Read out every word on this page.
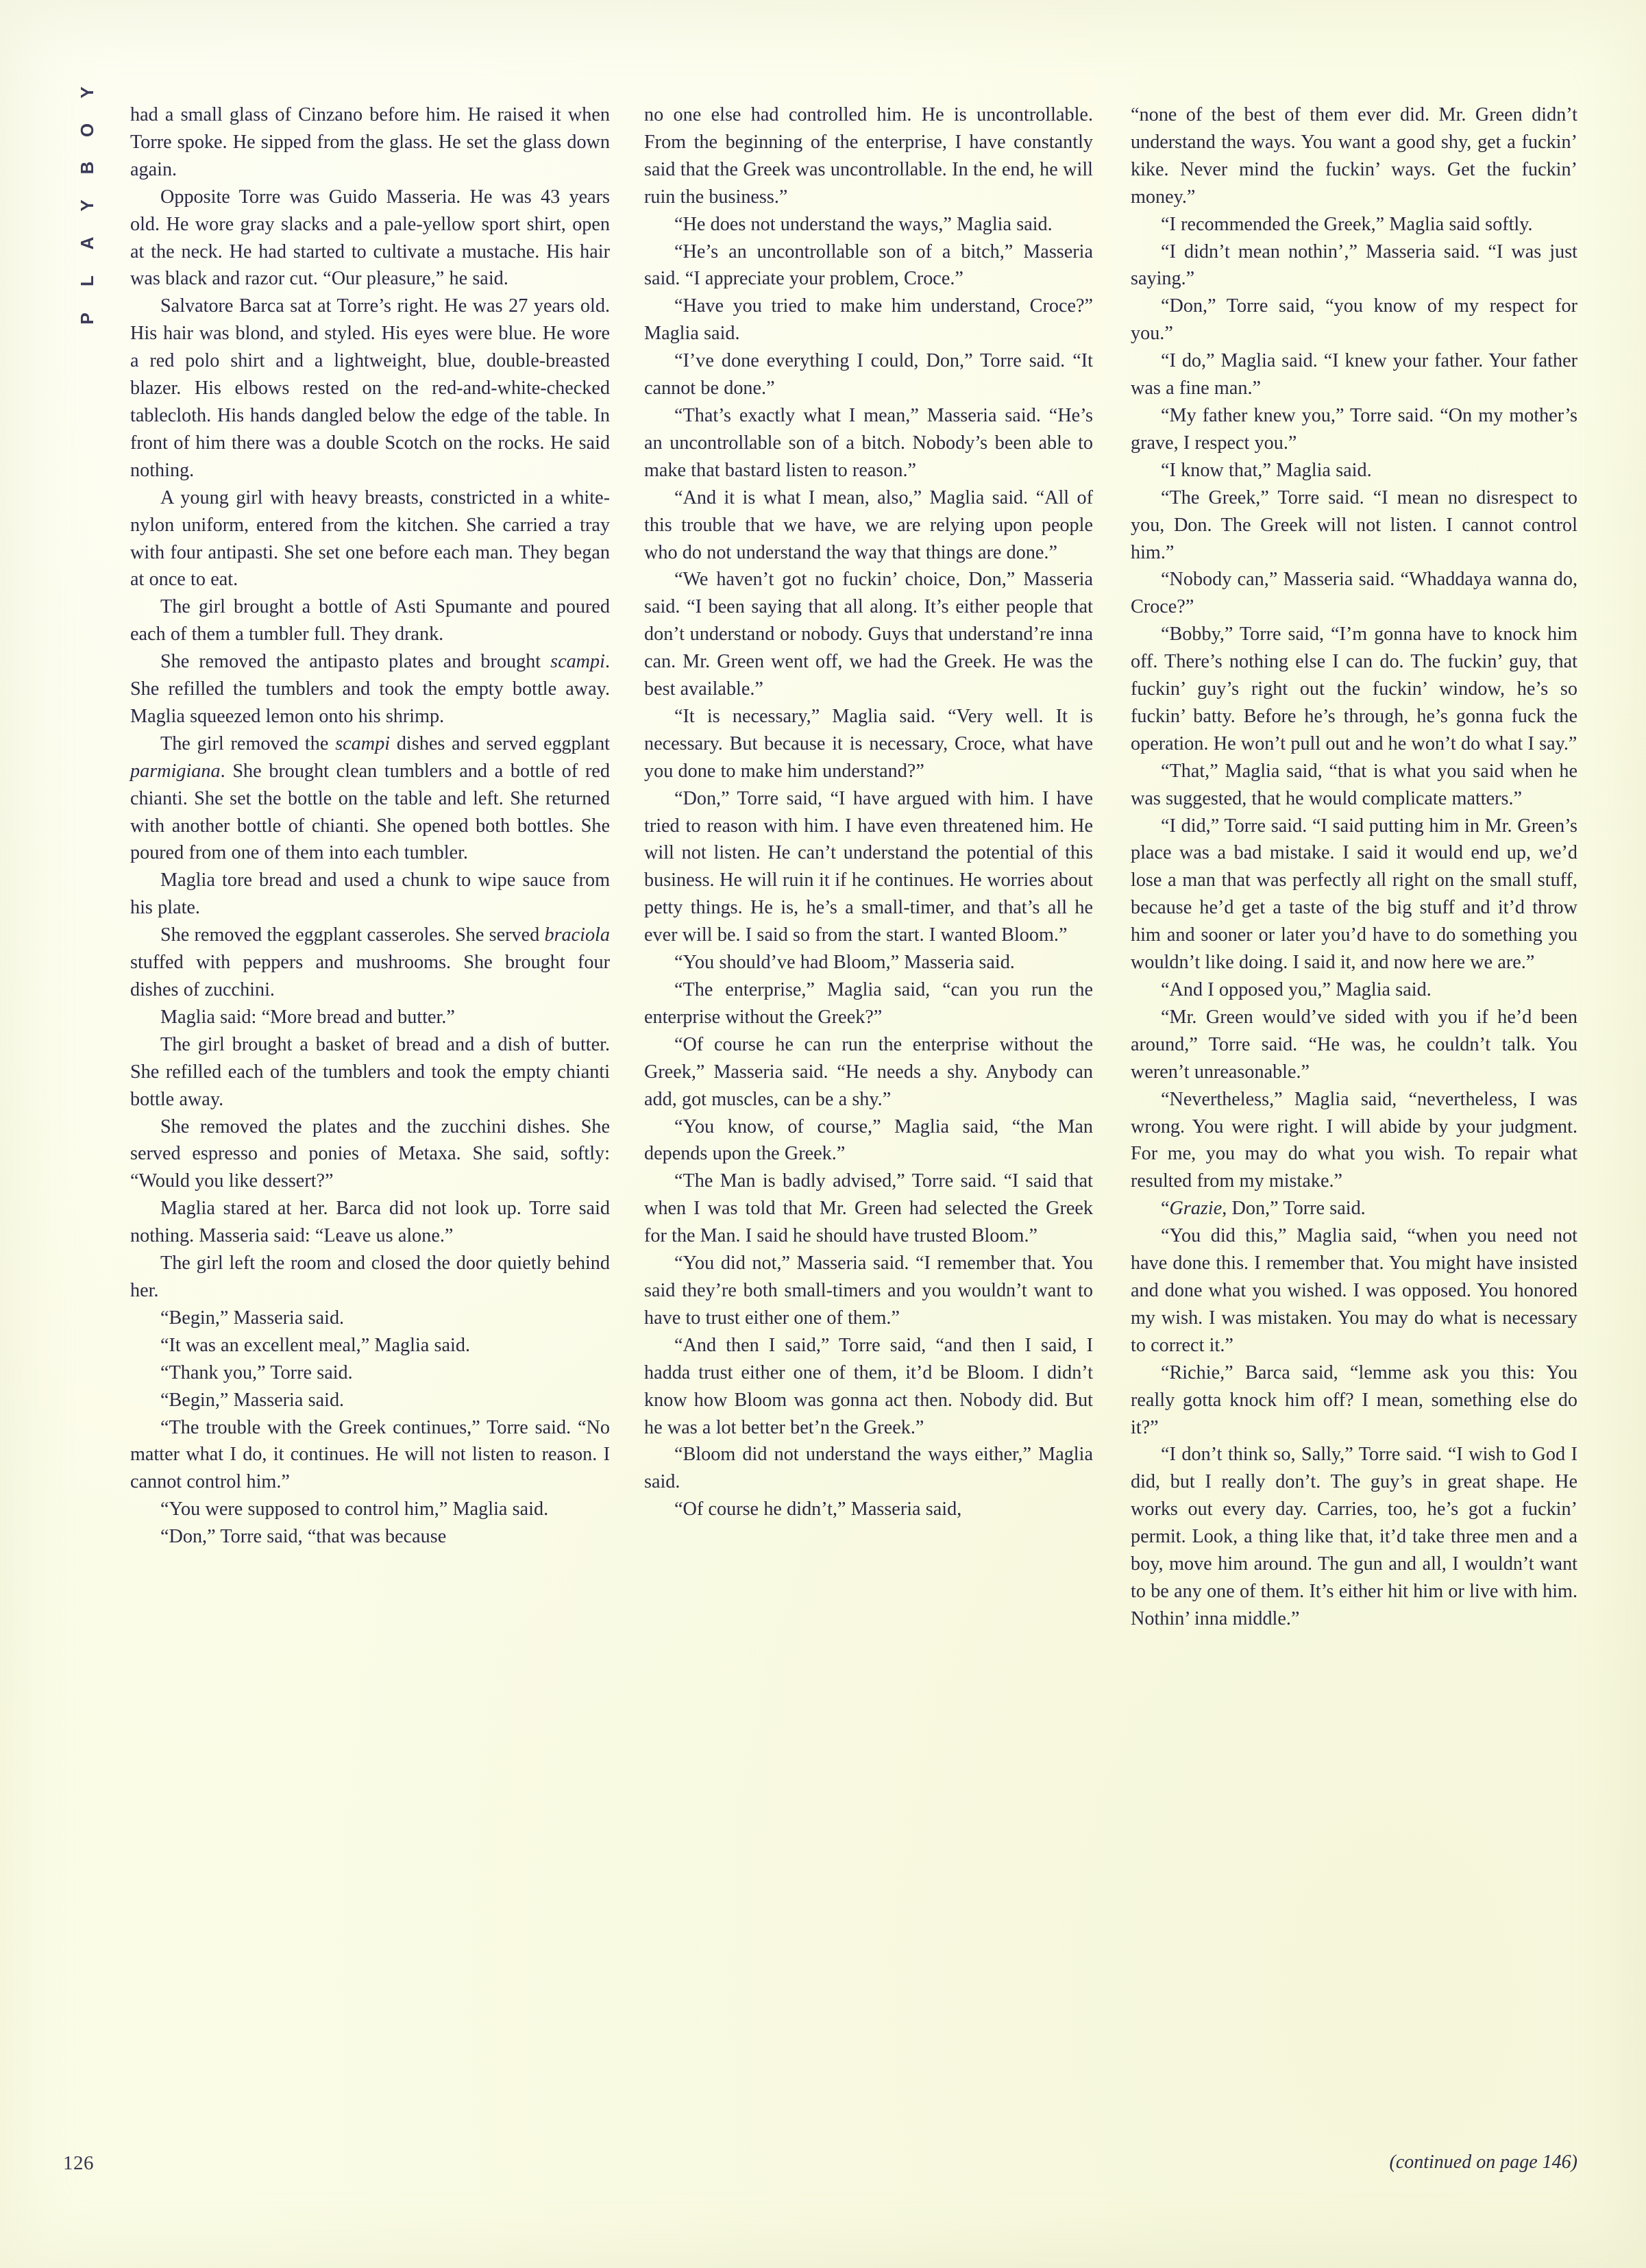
Y
O
B
Y
A
L
P
126

had a small glass of Cinzano before him. He raised it when Torre spoke. He sipped from the glass. He set the glass down again.

Opposite Torre was Guido Masseria. He was 43 years old. He wore gray slacks and a pale-yellow sport shirt, open at the neck. He had started to cultivate a mustache. His hair was black and razor cut. “Our pleasure,” he said.

Salvatore Barca sat at Torre’s right. He was 27 years old. His hair was blond, and styled. His eyes were blue. He wore a red polo shirt and a lightweight, blue, double-breasted blazer. His elbows rested on the red-and-white-checked tablecloth. His hands dangled below the edge of the table. In front of him there was a double Scotch on the rocks. He said nothing.

A young girl with heavy breasts, constricted in a white-nylon uniform, entered from the kitchen. She carried a tray with four antipasti. She set one before each man. They began at once to eat.

The girl brought a bottle of Asti Spumante and poured each of them a tumbler full. They drank.

She removed the antipasto plates and brought scampi. She refilled the tumblers and took the empty bottle away. Maglia squeezed lemon onto his shrimp.

The girl removed the scampi dishes and served eggplant parmigiana. She brought clean tumblers and a bottle of red chianti. She set the bottle on the table and left. She returned with another bottle of chianti. She opened both bottles. She poured from one of them into each tumbler.

Maglia tore bread and used a chunk to wipe sauce from his plate.

She removed the eggplant casseroles. She served braciola stuffed with peppers and mushrooms. She brought four dishes of zucchini.

Maglia said: “More bread and butter.”

The girl brought a basket of bread and a dish of butter. She refilled each of the tumblers and took the empty chianti bottle away.

She removed the plates and the zucchini dishes. She served espresso and ponies of Metaxa. She said, softly: “Would you like dessert?”

Maglia stared at her. Barca did not look up. Torre said nothing. Masseria said: “Leave us alone.”

The girl left the room and closed the door quietly behind her.

“Begin,” Masseria said.

“It was an excellent meal,” Maglia said.

“Thank you,” Torre said.

“Begin,” Masseria said.

“The trouble with the Greek continues,” Torre said. “No matter what I do, it continues. He will not listen to reason. I cannot control him.”

“You were supposed to control him,” Maglia said.

“Don,” Torre said, “that was because

no one else had controlled him. He is uncontrollable. From the beginning of the enterprise, I have constantly said that the Greek was uncontrollable. In the end, he will ruin the business.”

“He does not understand the ways,” Maglia said.

“He’s an uncontrollable son of a bitch,” Masseria said. “I appreciate your problem, Croce.”

“Have you tried to make him understand, Croce?” Maglia said.

“I’ve done everything I could, Don,” Torre said. “It cannot be done.”

“That’s exactly what I mean,” Masseria said. “He’s an uncontrollable son of a bitch. Nobody’s been able to make that bastard listen to reason.”

“And it is what I mean, also,” Maglia said. “All of this trouble that we have, we are relying upon people who do not understand the way that things are done.”

“We haven’t got no fuckin’ choice, Don,” Masseria said. “I been saying that all along. It’s either people that don’t understand or nobody. Guys that understand’re inna can. Mr. Green went off, we had the Greek. He was the best available.”

“It is necessary,” Maglia said. “Very well. It is necessary. But because it is necessary, Croce, what have you done to make him understand?”

“Don,” Torre said, “I have argued with him. I have tried to reason with him. I have even threatened him. He will not listen. He can’t understand the potential of this business. He will ruin it if he continues. He worries about petty things. He is, he’s a small-timer, and that’s all he ever will be. I said so from the start. I wanted Bloom.”

“You should’ve had Bloom,” Masseria said.

“The enterprise,” Maglia said, “can you run the enterprise without the Greek?”

“Of course he can run the enterprise without the Greek,” Masseria said. “He needs a shy. Anybody can add, got muscles, can be a shy.”

“You know, of course,” Maglia said, “the Man depends upon the Greek.”

“The Man is badly advised,” Torre said. “I said that when I was told that Mr. Green had selected the Greek for the Man. I said he should have trusted Bloom.”

“You did not,” Masseria said. “I remember that. You said they’re both small-timers and you wouldn’t want to have to trust either one of them.”

“And then I said,” Torre said, “and then I said, I hadda trust either one of them, it’d be Bloom. I didn’t know how Bloom was gonna act then. Nobody did. But he was a lot better bet’n the Greek.”

“Bloom did not understand the ways either,” Maglia said.

“Of course he didn’t,” Masseria said,

“none of the best of them ever did. Mr. Green didn’t understand the ways. You want a good shy, get a fuckin’ kike. Never mind the fuckin’ ways. Get the fuckin’ money.”

“I recommended the Greek,” Maglia said softly.

“I didn’t mean nothin’,” Masseria said. “I was just saying.”

“Don,” Torre said, “you know of my respect for you.”

“I do,” Maglia said. “I knew your father. Your father was a fine man.”

“My father knew you,” Torre said. “On my mother’s grave, I respect you.”

“I know that,” Maglia said.

“The Greek,” Torre said. “I mean no disrespect to you, Don. The Greek will not listen. I cannot control him.”

“Nobody can,” Masseria said. “Whaddaya wanna do, Croce?”

“Bobby,” Torre said, “I’m gonna have to knock him off. There’s nothing else I can do. The fuckin’ guy, that fuckin’ guy’s right out the fuckin’ window, he’s so fuckin’ batty. Before he’s through, he’s gonna fuck the operation. He won’t pull out and he won’t do what I say.”

“That,” Maglia said, “that is what you said when he was suggested, that he would complicate matters.”

“I did,” Torre said. “I said putting him in Mr. Green’s place was a bad mistake. I said it would end up, we’d lose a man that was perfectly all right on the small stuff, because he’d get a taste of the big stuff and it’d throw him and sooner or later you’d have to do something you wouldn’t like doing. I said it, and now here we are.”

“And I opposed you,” Maglia said.

“Mr. Green would’ve sided with you if he’d been around,” Torre said. “He was, he couldn’t talk. You weren’t unreasonable.”

“Nevertheless,” Maglia said, “nevertheless, I was wrong. You were right. I will abide by your judgment. For me, you may do what you wish. To repair what resulted from my mistake.”

“Grazie, Don,” Torre said.

“You did this,” Maglia said, “when you need not have done this. I remember that. You might have insisted and done what you wished. I was opposed. You honored my wish. I was mistaken. You may do what is necessary to correct it.”

“Richie,” Barca said, “lemme ask you this: You really gotta knock him off? I mean, something else do it?”

“I don’t think so, Sally,” Torre said. “I wish to God I did, but I really don’t. The guy’s in great shape. He works out every day. Carries, too, he’s got a fuckin’ permit. Look, a thing like that, it’d take three men and a boy, move him around. The gun and all, I wouldn’t want to be any one of them. It’s either hit him or live with him. Nothin’ inna middle.”

(continued on page 146)
